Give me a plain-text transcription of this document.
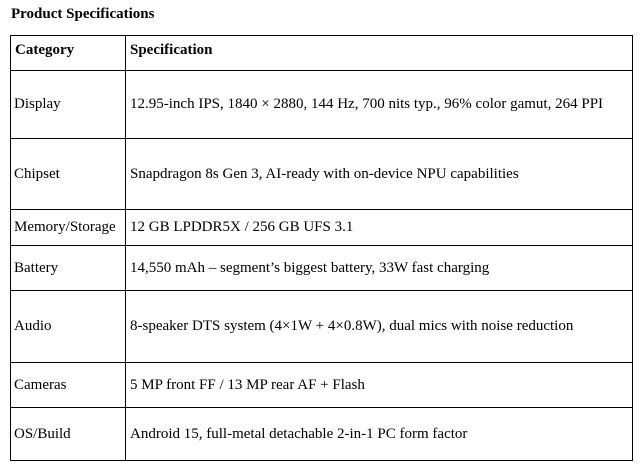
Product Specifications
Category	Specification
Display	12.95-inch IPS, 1840 × 2880, 144 Hz, 700 nits typ., 96% color gamut, 264 PPI
Chipset	Snapdragon 8s Gen 3, AI-ready with on-device NPU capabilities
Memory/Storage	12 GB LPDDR5X / 256 GB UFS 3.1
Battery	14,550 mAh – segment’s biggest battery, 33W fast charging
Audio	8-speaker DTS system (4×1W + 4×0.8W), dual mics with noise reduction
Cameras	5 MP front FF / 13 MP rear AF + Flash
OS/Build	Android 15, full-metal detachable 2-in-1 PC form factor
